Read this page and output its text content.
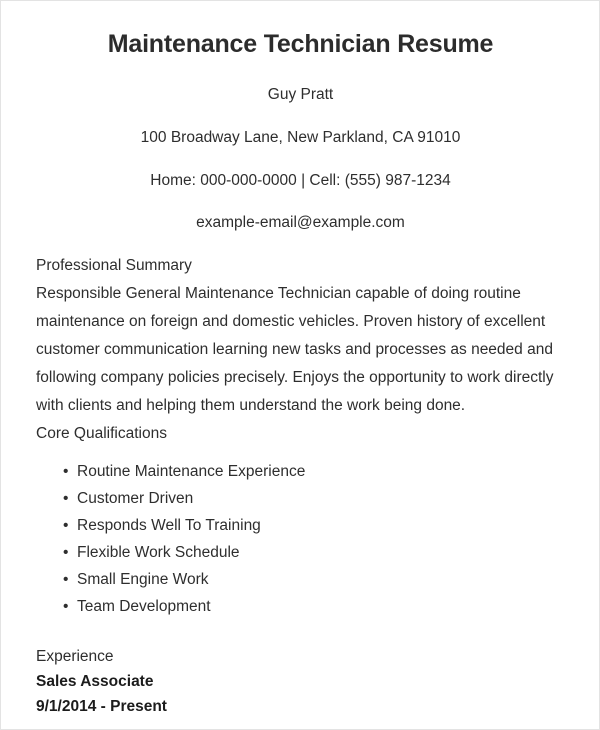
Maintenance Technician Resume
Guy Pratt
100 Broadway Lane, New Parkland, CA 91010
Home: 000-000-0000 | Cell: (555) 987-1234
example-email@example.com
Professional Summary

Responsible General Maintenance Technician capable of doing routine maintenance on foreign and domestic vehicles. Proven history of excellent customer communication learning new tasks and processes as needed and following company policies precisely. Enjoys the opportunity to work directly with clients and helping them understand the work being done.

Core Qualifications
• Routine Maintenance Experience
• Customer Driven
• Responds Well To Training
• Flexible Work Schedule
• Small Engine Work
• Team Development
Experience
Sales Associate
9/1/2014 - Present
